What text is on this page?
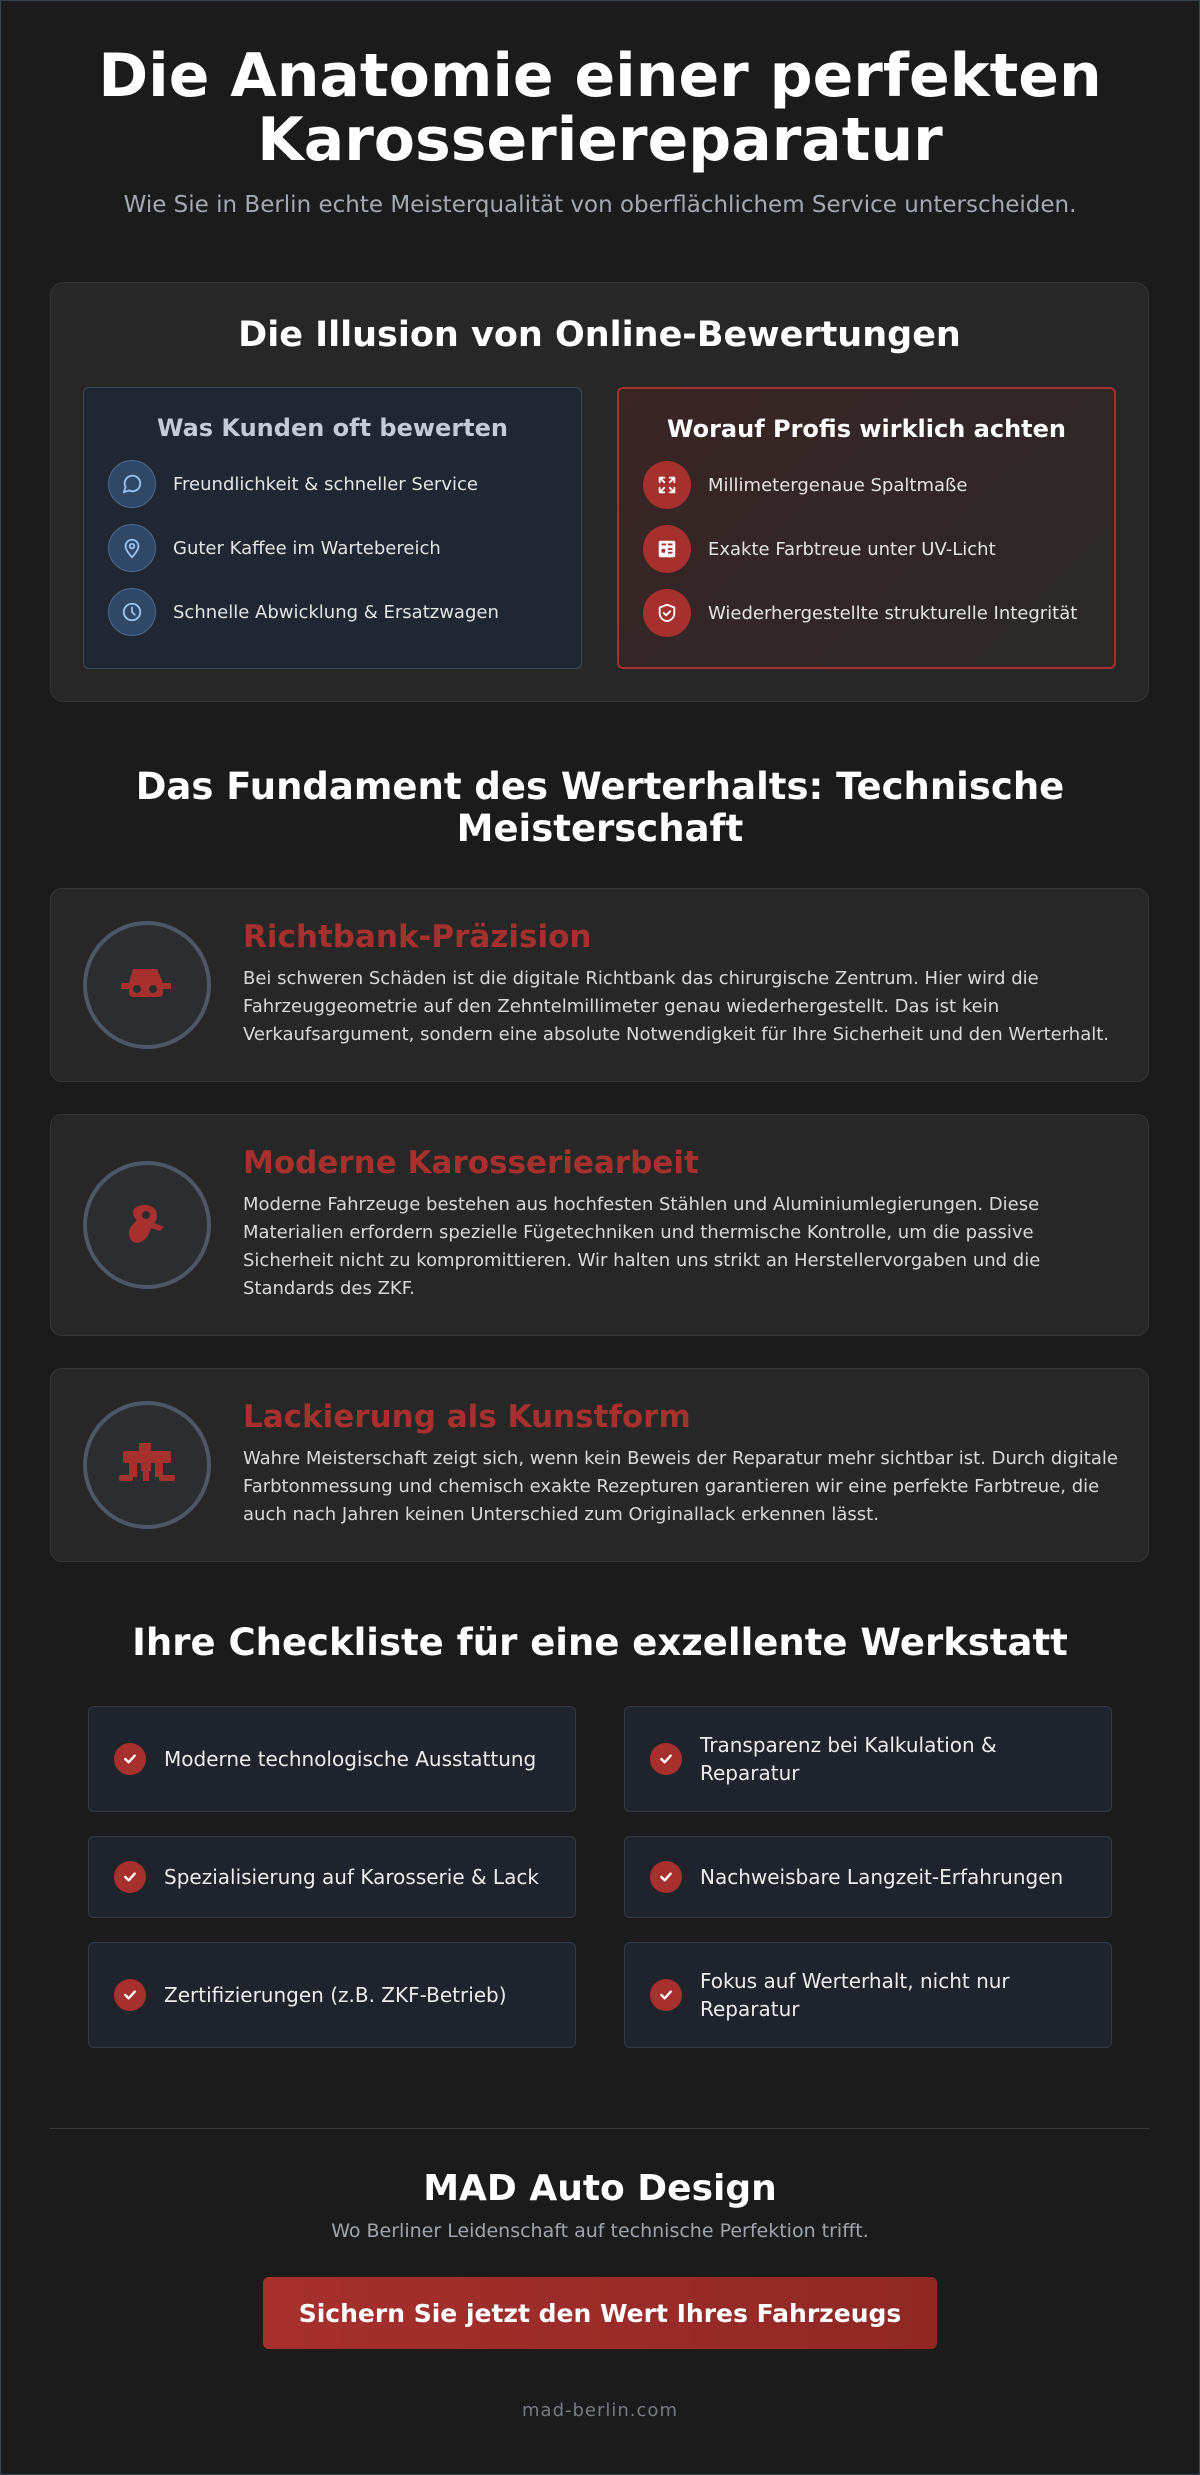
Die Anatomie einer perfekten Karosseriereparatur

Wie Sie in Berlin echte Meisterqualität von oberflächlichem Service unterscheiden.

Die Illusion von Online-Bewertungen
Was Kunden oft bewerten
Freundlichkeit & schneller Service
Guter Kaffee im Wartebereich
Schnelle Abwicklung & Ersatzwagen
Worauf Profis wirklich achten
Millimetergenaue Spaltmaße
Exakte Farbtreue unter UV-Licht
Wiederhergestellte strukturelle Integrität
Das Fundament des Werterhalts: Technische Meisterschaft
Richtbank-Präzision

Bei schweren Schäden ist die digitale Richtbank das chirurgische Zentrum. Hier wird die Fahrzeuggeometrie auf den Zehntelmillimeter genau wiederhergestellt. Das ist kein Verkaufsargument, sondern eine absolute Notwendigkeit für Ihre Sicherheit und den Werterhalt.

Moderne Karosseriearbeit

Moderne Fahrzeuge bestehen aus hochfesten Stählen und Aluminiumlegierungen. Diese Materialien erfordern spezielle Fügetechniken und thermische Kontrolle, um die passive Sicherheit nicht zu kompromittieren. Wir halten uns strikt an Herstellervorgaben und die Standards des ZKF.

Lackierung als Kunstform

Wahre Meisterschaft zeigt sich, wenn kein Beweis der Reparatur mehr sichtbar ist. Durch digitale Farbtonmessung und chemisch exakte Rezepturen garantieren wir eine perfekte Farbtreue, die auch nach Jahren keinen Unterschied zum Originallack erkennen lässt.

Ihre Checkliste für eine exzellente Werkstatt
Moderne technologische Ausstattung
Transparenz bei Kalkulation & Reparatur
Spezialisierung auf Karosserie & Lack	Nachweisbare Langzeit-Erfahrungen
Zertifizierungen (z.B. ZKF-Betrieb)
Fokus auf Werterhalt, nicht nur Reparatur
MAD Auto Design
Wo Berliner Leidenschaft auf technische Perfektion trifft.
Sichern Sie jetzt den Wert Ihres Fahrzeugs
mad-berlin.com
